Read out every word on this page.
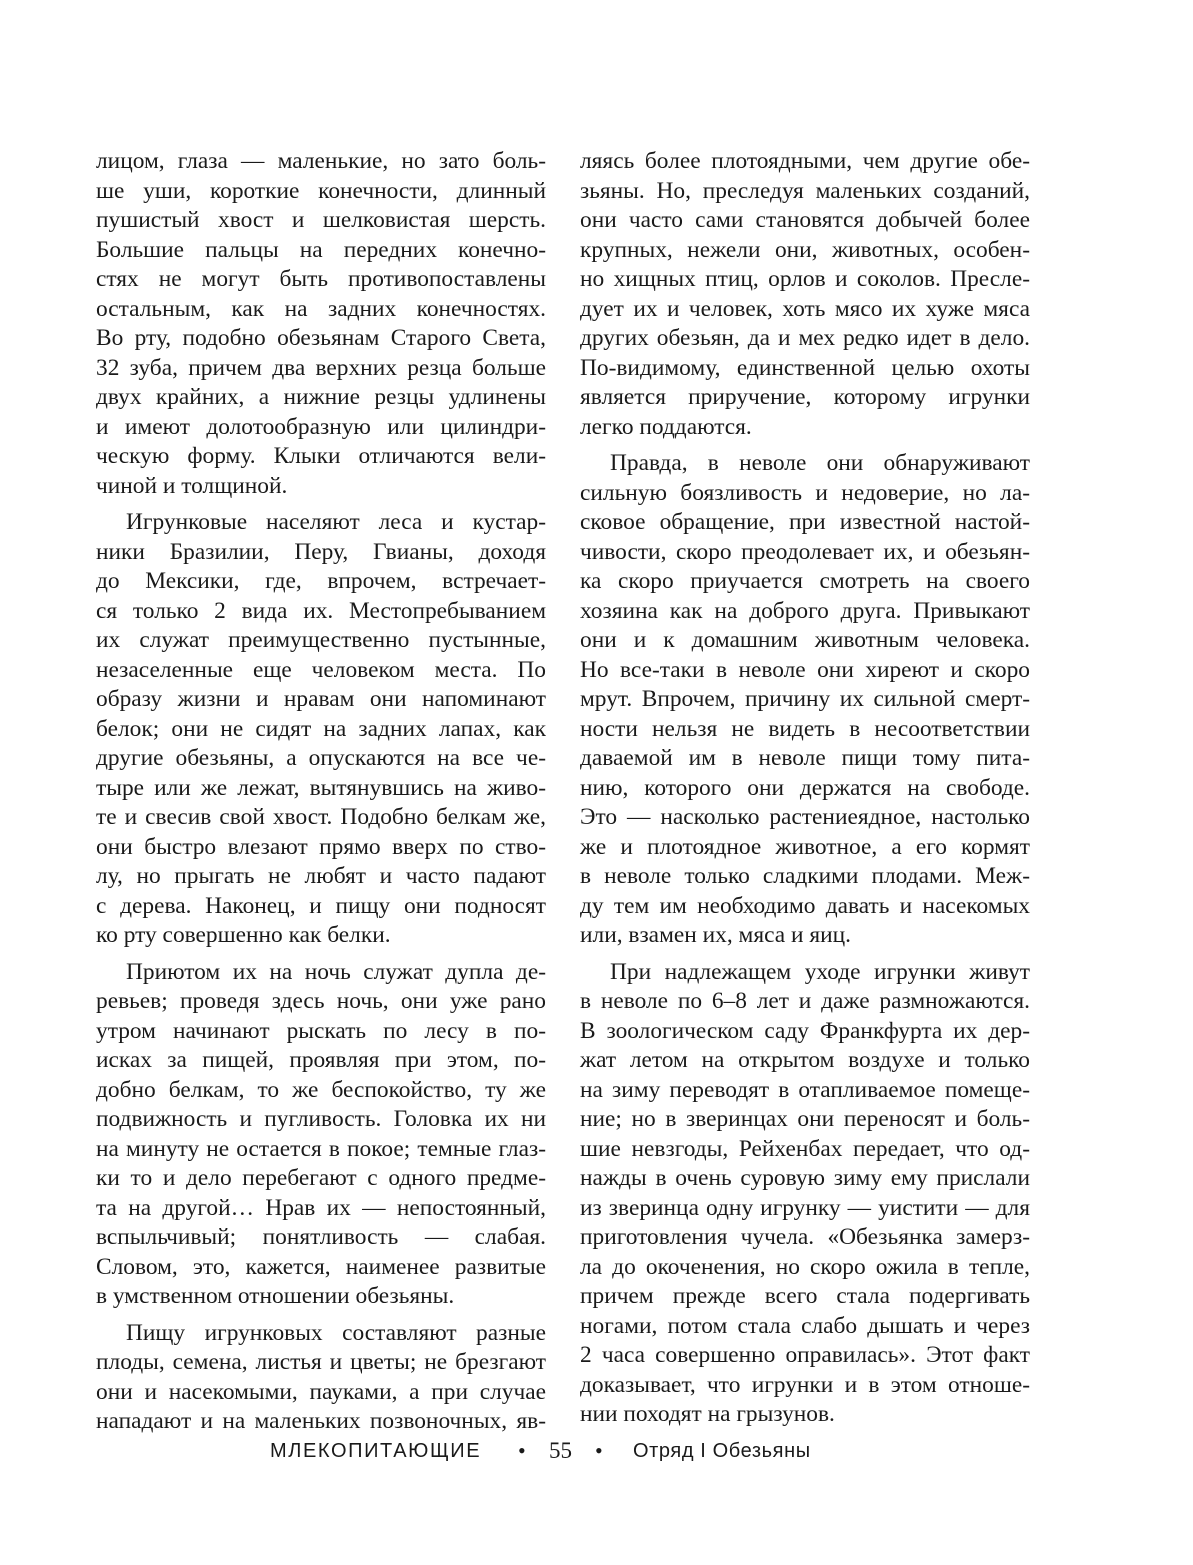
лицом, глаза — маленькие, но зато боль-
ше уши, короткие конечности, длинный
пушистый хвост и шелковистая шерсть.
Большие пальцы на передних конечно-
стях не могут быть противопоставлены
остальным, как на задних конечностях.
Во рту, подобно обезьянам Старого Света,
32 зуба, причем два верхних резца больше
двух крайних, а нижние резцы удлинены
и имеют долотообразную или цилиндри-
ческую форму. Клыки отличаются вели-
чиной и толщиной.
Игрунковые населяют леса и кустар-
ники Бразилии, Перу, Гвианы, доходя
до Мексики, где, впрочем, встречает-
ся только 2 вида их. Местопребыванием
их служат преимущественно пустынные,
незаселенные еще человеком места. По
образу жизни и нравам они напоминают
белок; они не сидят на задних лапах, как
другие обезьяны, а опускаются на все че-
тыре или же лежат, вытянувшись на живо-
те и свесив свой хвост. Подобно белкам же,
они быстро влезают прямо вверх по ство-
лу, но прыгать не любят и часто падают
с дерева. Наконец, и пищу они подносят
ко рту совершенно как белки.
Приютом их на ночь служат дупла де-
ревьев; проведя здесь ночь, они уже рано
утром начинают рыскать по лесу в по-
исках за пищей, проявляя при этом, по-
добно белкам, то же беспокойство, ту же
подвижность и пугливость. Головка их ни
на минуту не остается в покое; темные глаз-
ки то и дело перебегают с одного предме-
та на другой… Нрав их — непостоянный,
вспыльчивый; понятливость — слабая.
Словом, это, кажется, наименее развитые
в умственном отношении обезьяны.
Пищу игрунковых составляют разные
плоды, семена, листья и цветы; не брезгают
они и насекомыми, пауками, а при случае
нападают и на маленьких позвоночных, яв-
ляясь более плотоядными, чем другие обе-
зьяны. Но, преследуя маленьких созданий,
они часто сами становятся добычей более
крупных, нежели они, животных, особен-
но хищных птиц, орлов и соколов. Пресле-
дует их и человек, хоть мясо их хуже мяса
других обезьян, да и мех редко идет в дело.
По-видимому, единственной целью охоты
является приручение, которому игрунки
легко поддаются.
Правда, в неволе они обнаруживают
сильную боязливость и недоверие, но ла-
сковое обращение, при известной настой-
чивости, скоро преодолевает их, и обезьян-
ка скоро приучается смотреть на своего
хозяина как на доброго друга. Привыкают
они и к домашним животным человека.
Но все-таки в неволе они хиреют и скоро
мрут. Впрочем, причину их сильной смерт-
ности нельзя не видеть в несоответствии
даваемой им в неволе пищи тому пита-
нию, которого они держатся на свободе.
Это — насколько растениеядное, настолько
же и плотоядное животное, а его кормят
в неволе только сладкими плодами. Меж-
ду тем им необходимо давать и насекомых
или, взамен их, мяса и яиц.
При надлежащем уходе игрунки живут
в неволе по 6–8 лет и даже размножаются.
В зоологическом саду Франкфурта их дер-
жат летом на открытом воздухе и только
на зиму переводят в отапливаемое помеще-
ние; но в зверинцах они переносят и боль-
шие невзгоды, Рейхенбах передает, что од-
нажды в очень суровую зиму ему прислали
из зверинца одну игрунку — уистити — для
приготовления чучела. «Обезьянка замерз-
ла до окоченения, но скоро ожила в тепле,
причем прежде всего стала подергивать
ногами, потом стала слабо дышать и через
2 часа совершенно оправилась». Этот факт
доказывает, что игрунки и в этом отноше-
нии походят на грызунов.
МЛЕКОПИТАЮЩИЕ • 55 • Отряд I Обезьяны
